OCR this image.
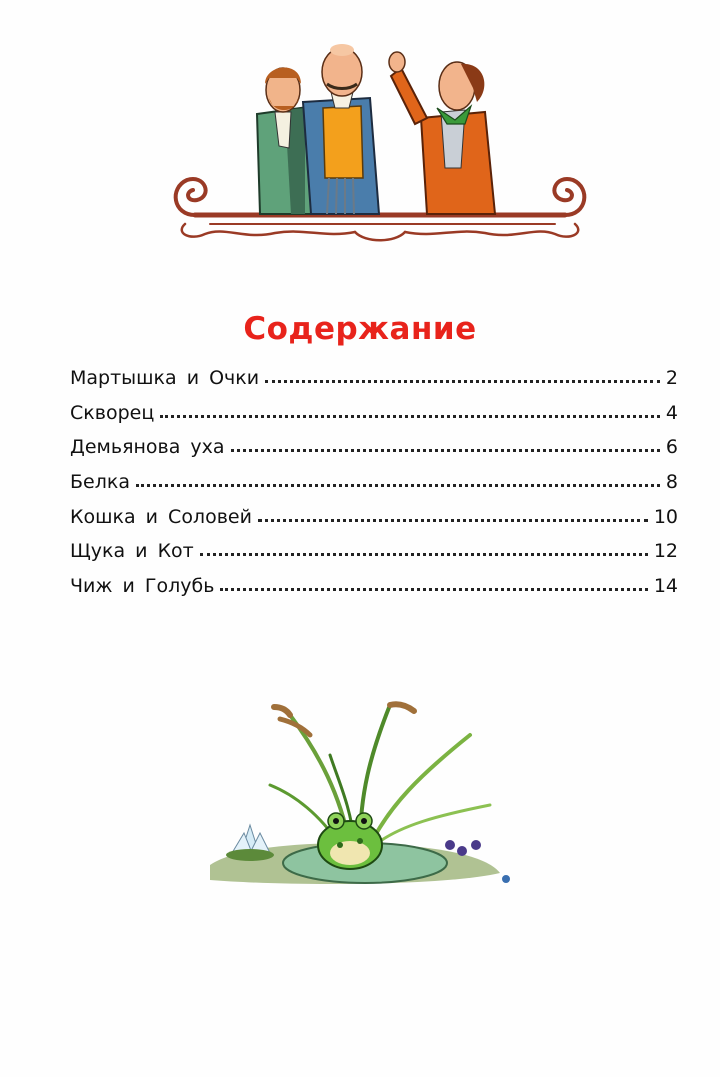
Содержание
Мартышка и Очки	2
Скворец	4
Демьянова уха	6
Белка	8
Кошка и Соловей	10
Щука и Кот	12
Чиж и Голубь	14
